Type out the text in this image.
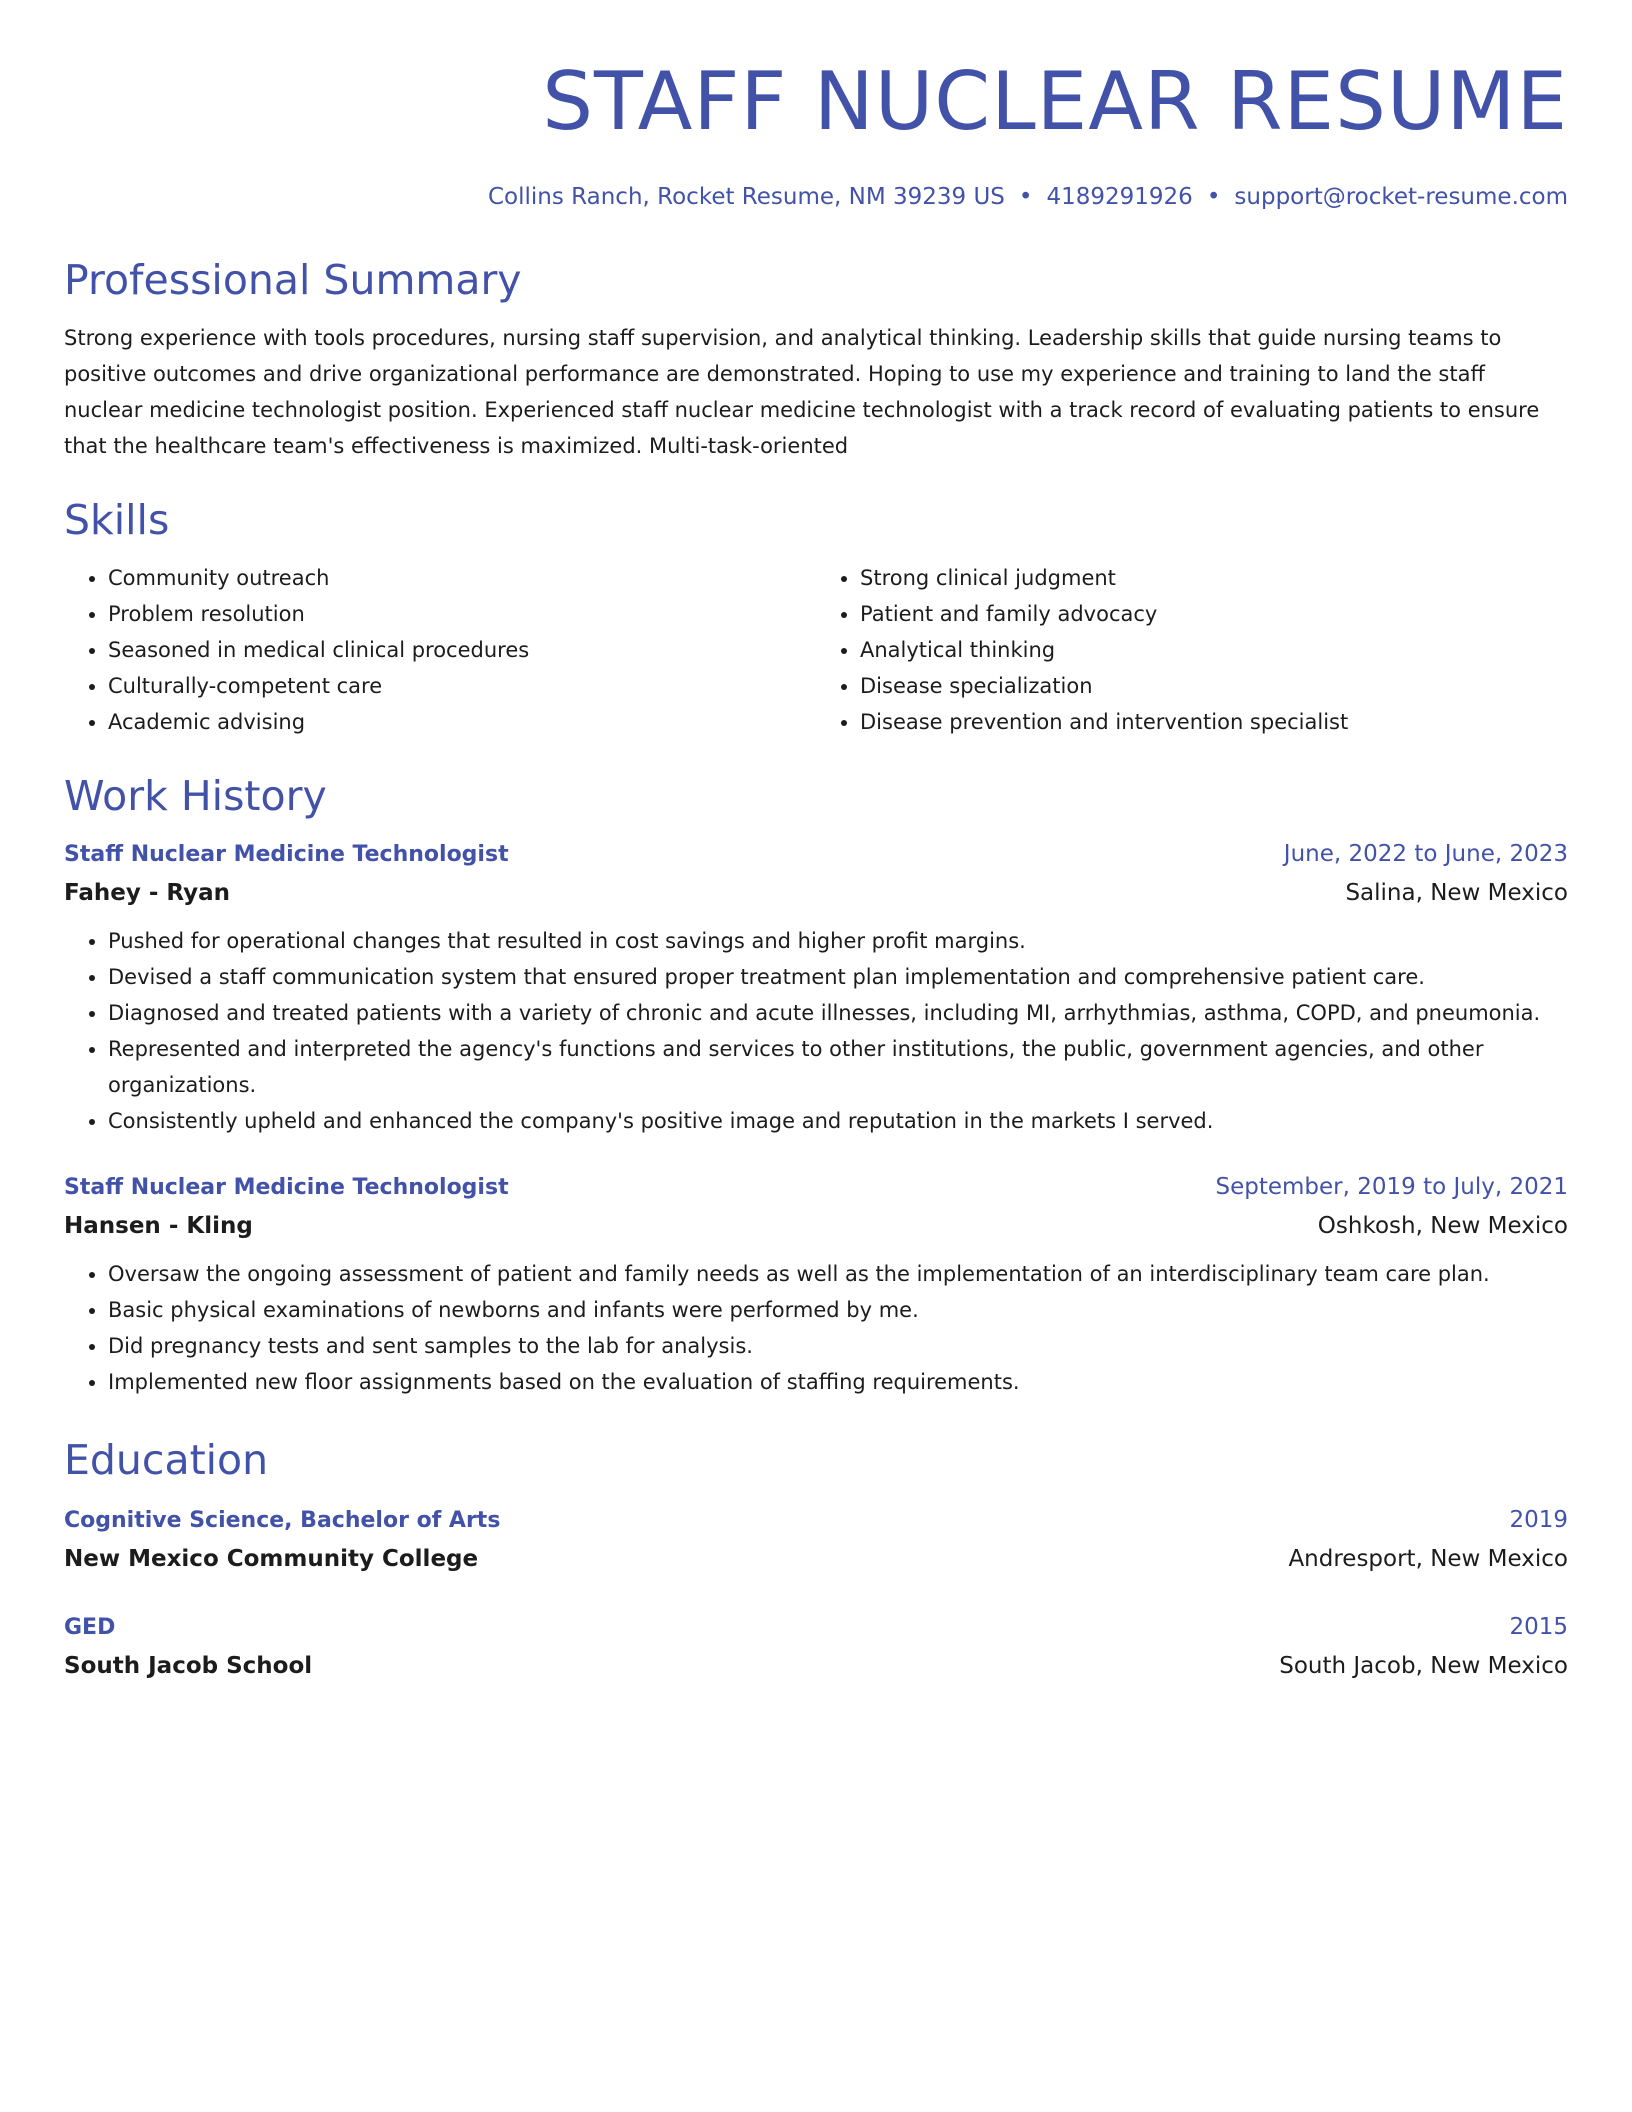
STAFF NUCLEAR RESUME
Collins Ranch, Rocket Resume, NM 39239 US • 4189291926 • support@rocket-resume.com
Professional Summary
Strong experience with tools procedures, nursing staff supervision, and analytical thinking. Leadership skills that guide nursing teams to positive outcomes and drive organizational performance are demonstrated. Hoping to use my experience and training to land the staff nuclear medicine technologist position. Experienced staff nuclear medicine technologist with a track record of evaluating patients to ensure that the healthcare team's effectiveness is maximized. Multi-task-oriented
Skills
• Community outreach
• Problem resolution
• Seasoned in medical clinical procedures
• Culturally-competent care
• Academic advising
• Strong clinical judgment
• Patient and family advocacy
• Analytical thinking
• Disease specialization
• Disease prevention and intervention specialist
Work History
Staff Nuclear Medicine Technologist	June, 2022 to June, 2023
Fahey - Ryan	Salina, New Mexico
• Pushed for operational changes that resulted in cost savings and higher profit margins.
• Devised a staff communication system that ensured proper treatment plan implementation and comprehensive patient care.
• Diagnosed and treated patients with a variety of chronic and acute illnesses, including MI, arrhythmias, asthma, COPD, and pneumonia.
• Represented and interpreted the agency's functions and services to other institutions, the public, government agencies, and other organizations.
• Consistently upheld and enhanced the company's positive image and reputation in the markets I served.
Staff Nuclear Medicine Technologist	September, 2019 to July, 2021
Hansen - Kling	Oshkosh, New Mexico
• Oversaw the ongoing assessment of patient and family needs as well as the implementation of an interdisciplinary team care plan.
• Basic physical examinations of newborns and infants were performed by me.
• Did pregnancy tests and sent samples to the lab for analysis.
• Implemented new floor assignments based on the evaluation of staffing requirements.
Education
Cognitive Science, Bachelor of Arts	2019
New Mexico Community College	Andresport, New Mexico
GED	2015
South Jacob School	South Jacob, New Mexico
